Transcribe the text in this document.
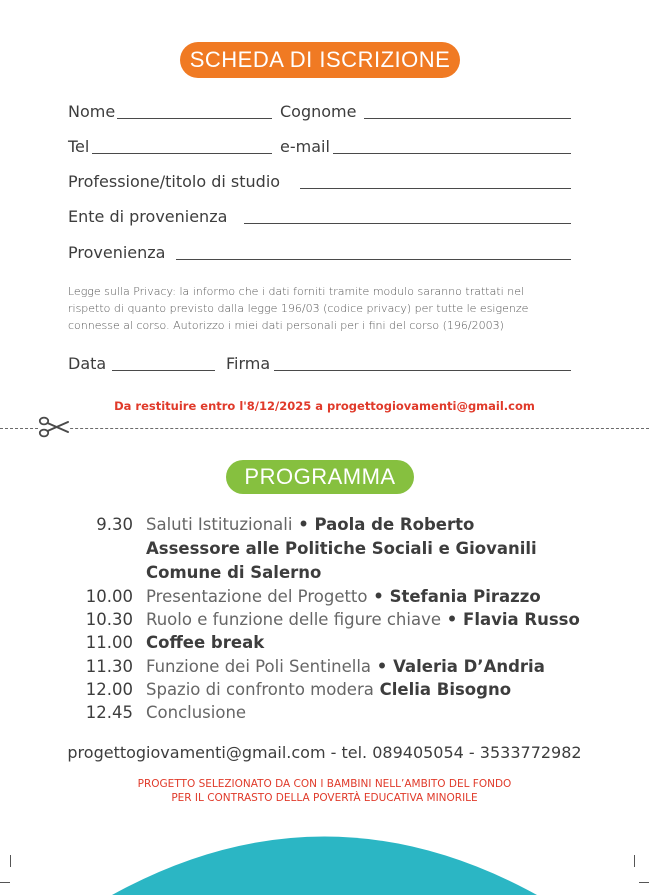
SCHEDA DI ISCRIZIONE
Nome	Cognome
Tel	e-mail
Professione/titolo di studio
Ente di provenienza
Provenienza
Legge sulla Privacy: la informo che i dati forniti tramite modulo saranno trattati nel
rispetto di quanto previsto dalla legge 196/03 (codice privacy) per tutte le esigenze
connesse al corso. Autorizzo i miei dati personali per i fini del corso (196/2003)
Data	Firma
Da restituire entro l'8/12/2025 a progettogiovamenti@gmail.com
PROGRAMMA
9.30 Saluti Istituzionali • Paola de Roberto
Assessore alle Politiche Sociali e Giovanili
Comune di Salerno
10.00 Presentazione del Progetto • Stefania Pirazzo
10.30 Ruolo e funzione delle figure chiave • Flavia Russo
11.00 Coffee break
11.30 Funzione dei Poli Sentinella • Valeria D’Andria
12.00 Spazio di confronto modera Clelia Bisogno
12.45 Conclusione
progettogiovamenti@gmail.com - tel. 089405054 - 3533772982
PROGETTO SELEZIONATO DA CON I BAMBINI NELL’AMBITO DEL FONDO
PER IL CONTRASTO DELLA POVERTÀ EDUCATIVA MINORILE
